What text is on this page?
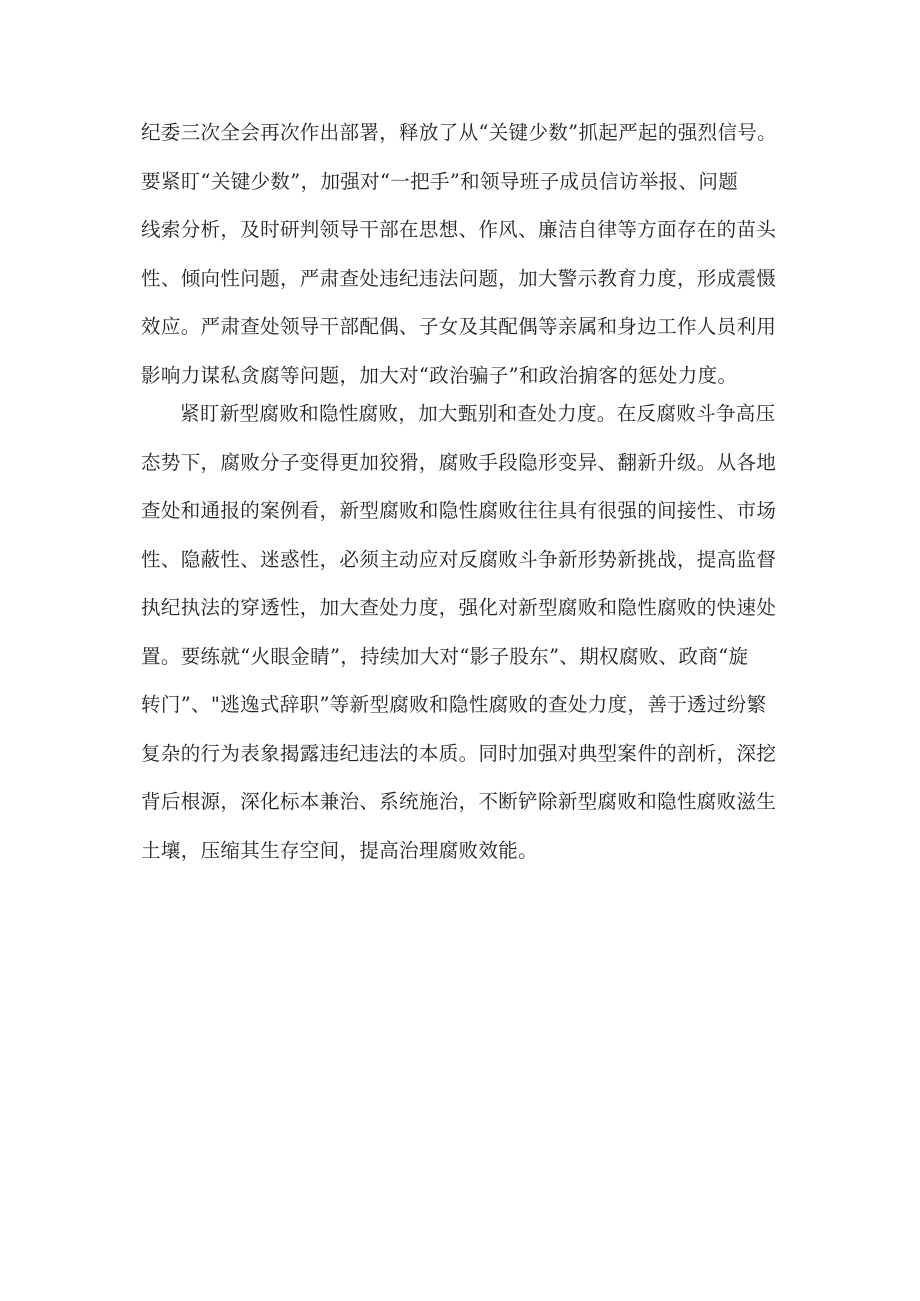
纪委三次全会再次作出部署，释放了从“关键少数”抓起严起的强烈信号。
要紧盯“关键少数”，加强对“一把手”和领导班子成员信访举报、问题
线索分析，及时研判领导干部在思想、作风、廉洁自律等方面存在的苗头
性、倾向性问题，严肃查处违纪违法问题，加大警示教育力度，形成震慑
效应。严肃查处领导干部配偶、子女及其配偶等亲属和身边工作人员利用
影响力谋私贪腐等问题，加大对“政治骗子”和政治掮客的惩处力度。
紧盯新型腐败和隐性腐败，加大甄别和查处力度。在反腐败斗争高压
态势下，腐败分子变得更加狡猾，腐败手段隐形变异、翻新升级。从各地
查处和通报的案例看，新型腐败和隐性腐败往往具有很强的间接性、市场
性、隐蔽性、迷惑性，必须主动应对反腐败斗争新形势新挑战，提高监督
执纪执法的穿透性，加大查处力度，强化对新型腐败和隐性腐败的快速处
置。要练就“火眼金睛”，持续加大对“影子股东”、期权腐败、政商“旋
转门”、"逃逸式辞职”等新型腐败和隐性腐败的查处力度，善于透过纷繁
复杂的行为表象揭露违纪违法的本质。同时加强对典型案件的剖析，深挖
背后根源，深化标本兼治、系统施治，不断铲除新型腐败和隐性腐败滋生
土壤，压缩其生存空间，提高治理腐败效能。
